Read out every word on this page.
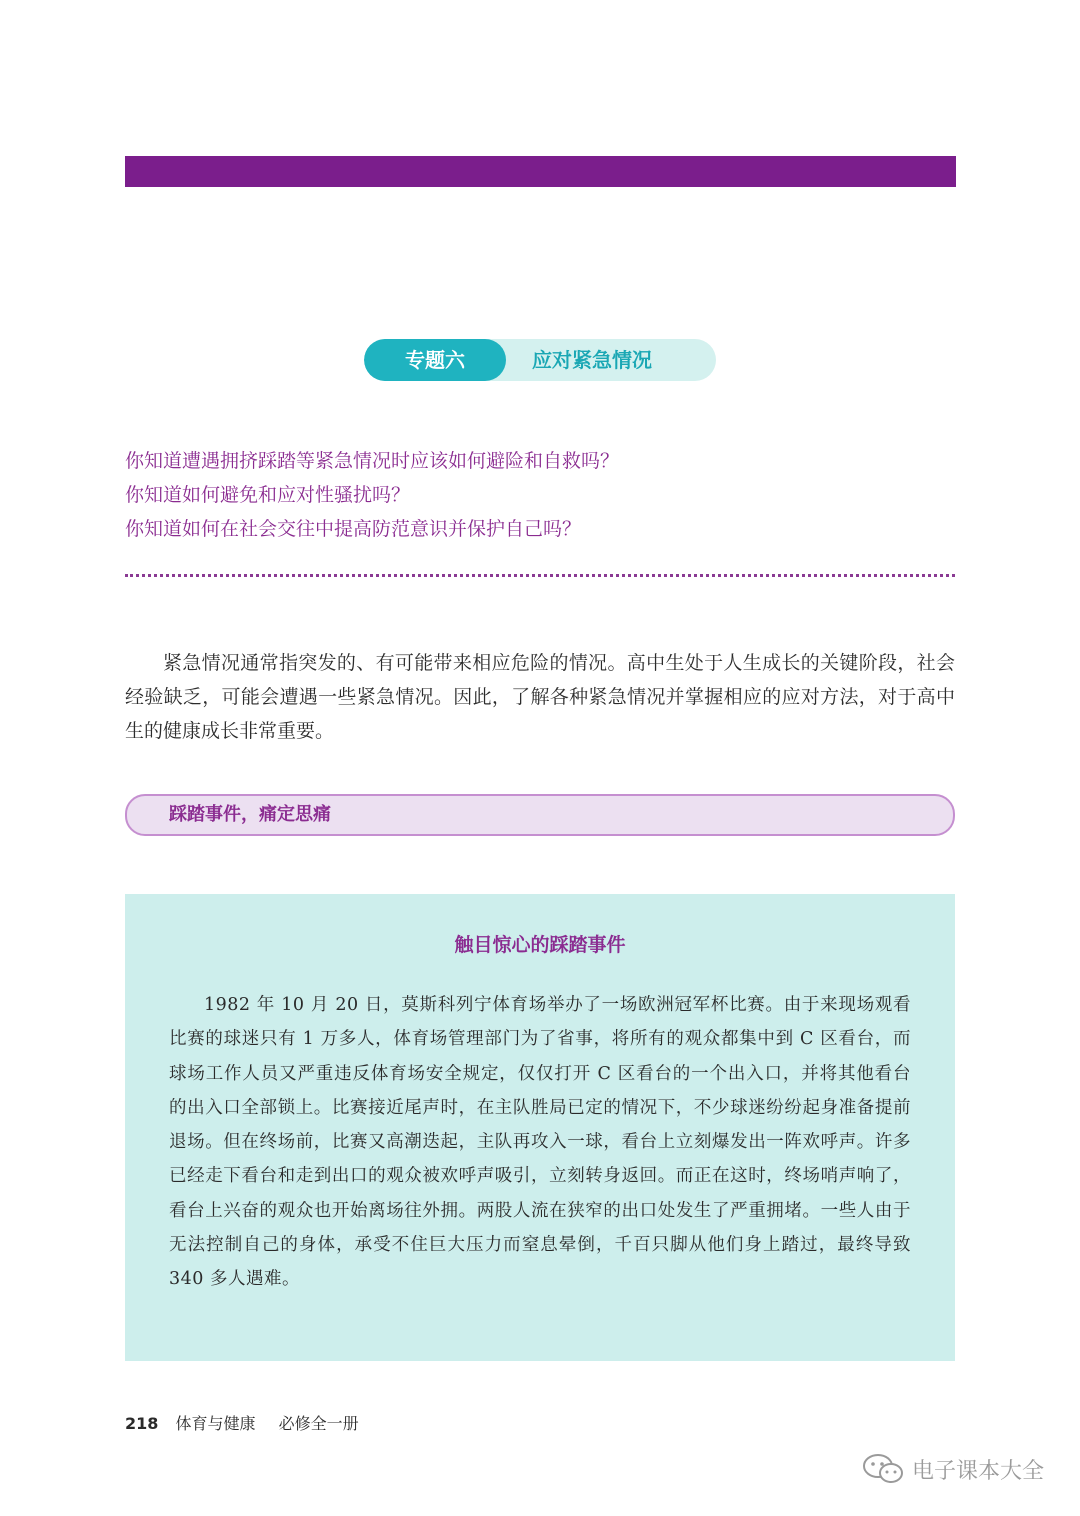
专题六	应对紧急情况
你知道遭遇拥挤踩踏等紧急情况时应该如何避险和自救吗？
你知道如何避免和应对性骚扰吗？
你知道如何在社会交往中提高防范意识并保护自己吗？

紧急情况通常指突发的、有可能带来相应危险的情况。高中生处于人生成长的关键阶段，社会经验缺乏，可能会遭遇一些紧急情况。因此，了解各种紧急情况并掌握相应的应对方法，对于高中生的健康成长非常重要。

踩踏事件，痛定思痛
触目惊心的踩踏事件

1982 年 10 月 20 日，莫斯科列宁体育场举办了一场欧洲冠军杯比赛。由于来现场观看比赛的球迷只有 1 万多人，体育场管理部门为了省事，将所有的观众都集中到 C 区看台，而球场工作人员又严重违反体育场安全规定，仅仅打开 C 区看台的一个出入口，并将其他看台的出入口全部锁上。比赛接近尾声时，在主队胜局已定的情况下，不少球迷纷纷起身准备提前退场。但在终场前，比赛又高潮迭起，主队再攻入一球，看台上立刻爆发出一阵欢呼声。许多已经走下看台和走到出口的观众被欢呼声吸引，立刻转身返回。而正在这时，终场哨声响了，看台上兴奋的观众也开始离场往外拥。两股人流在狭窄的出口处发生了严重拥堵。一些人由于无法控制自己的身体，承受不住巨大压力而窒息晕倒，千百只脚从他们身上踏过，最终导致 340 多人遇难。

218 体育与健康 必修全一册
电子课本大全
